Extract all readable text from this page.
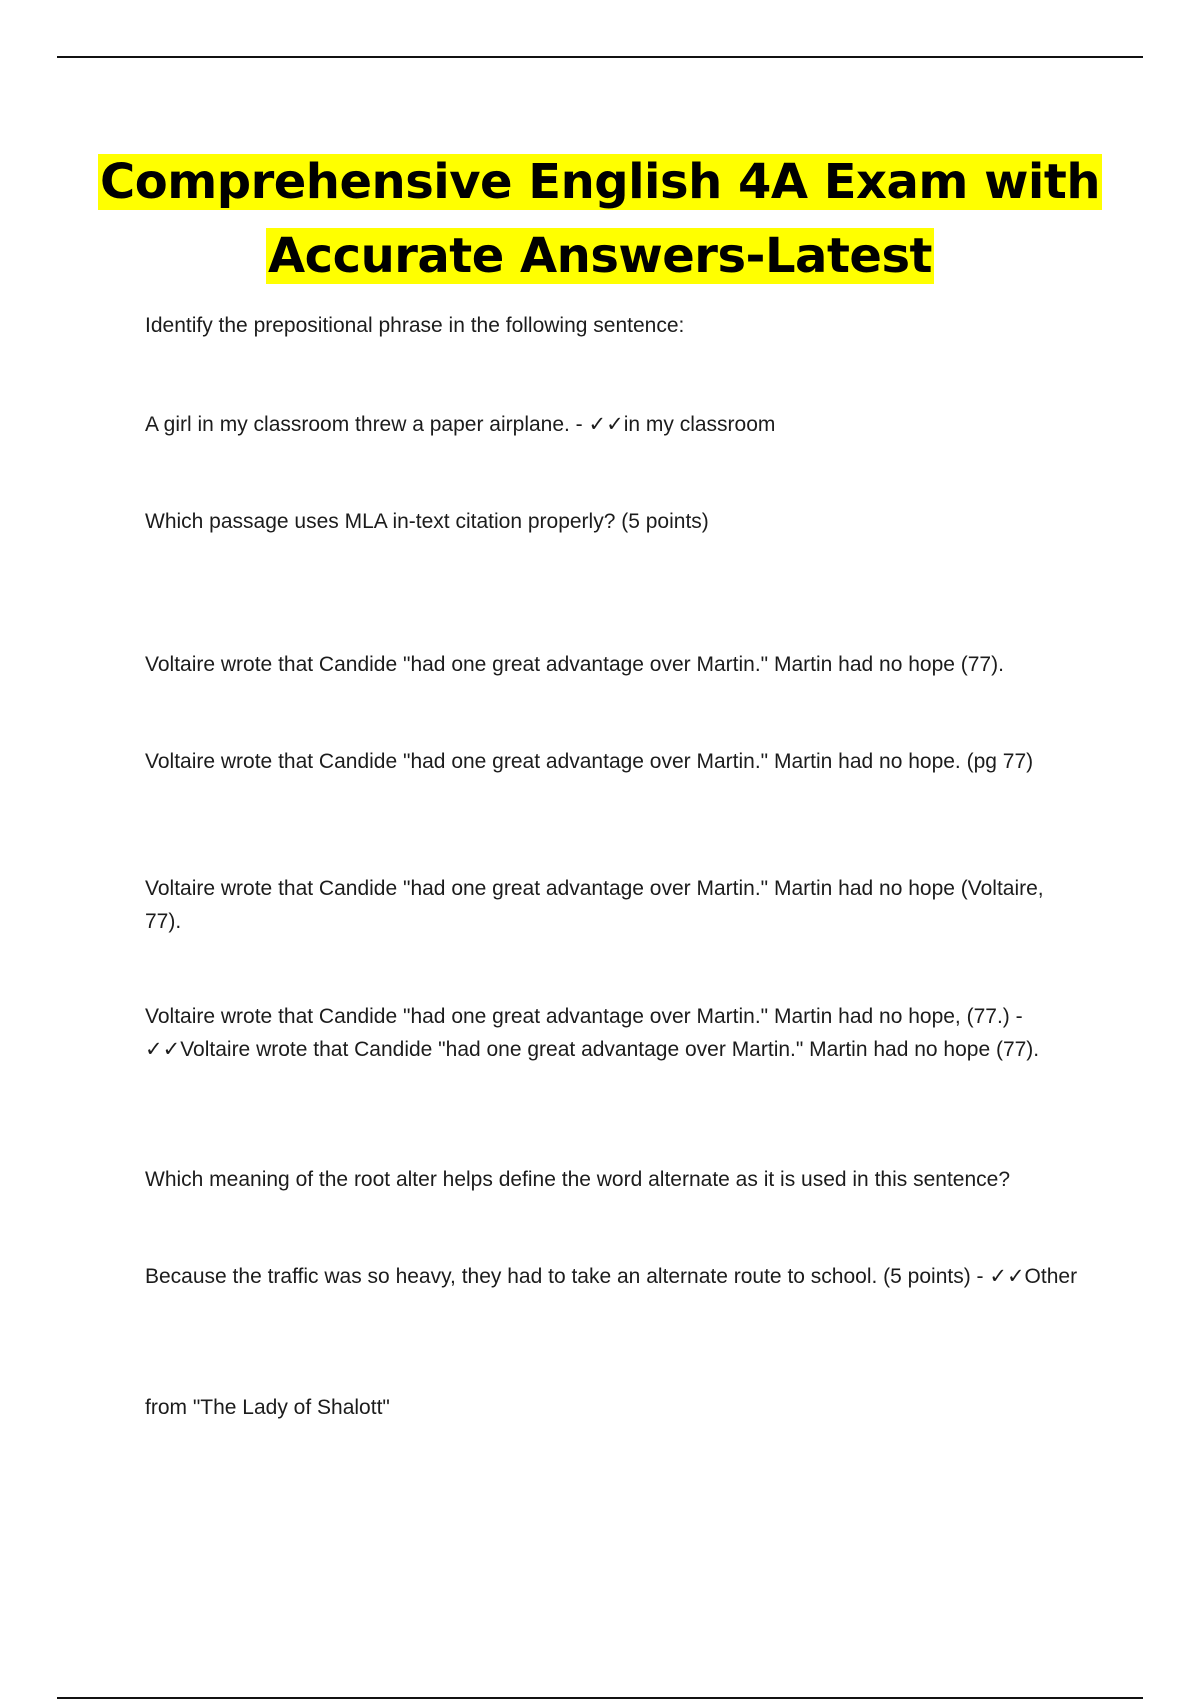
Comprehensive English 4A Exam with Accurate Answers-Latest

Identify the prepositional phrase in the following sentence:

A girl in my classroom threw a paper airplane. - ✓✓in my classroom

Which passage uses MLA in-text citation properly? (5 points)

Voltaire wrote that Candide "had one great advantage over Martin." Martin had no hope (77).

Voltaire wrote that Candide "had one great advantage over Martin." Martin had no hope. (pg 77)

Voltaire wrote that Candide "had one great advantage over Martin." Martin had no hope (Voltaire, 77).

Voltaire wrote that Candide "had one great advantage over Martin." Martin had no hope, (77.) - ✓✓Voltaire wrote that Candide "had one great advantage over Martin." Martin had no hope (77).

Which meaning of the root alter helps define the word alternate as it is used in this sentence?

Because the traffic was so heavy, they had to take an alternate route to school. (5 points) - ✓✓Other

from "The Lady of Shalott"
